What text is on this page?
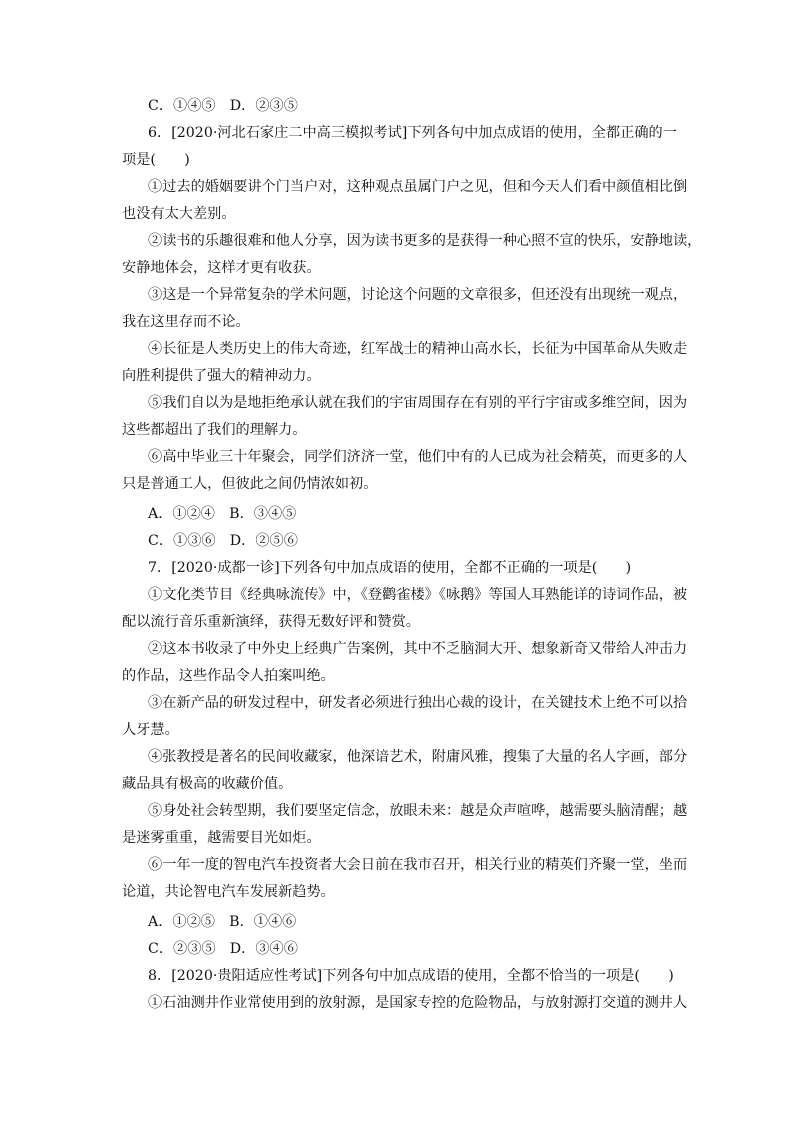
C．①④⑤　D．②③⑤
6．[2020·河北石家庄二中高三模拟考试]下列各句中加点成语的使用，全都正确的一
项是(　　)
①过去的婚姻要讲个门当户对，这种观点虽属门户之见，但和今天人们看中颜值相比倒
也没有太大差别。
②读书的乐趣很难和他人分享，因为读书更多的是获得一种心照不宣的快乐，安静地读，
安静地体会，这样才更有收获。
③这是一个异常复杂的学术问题，讨论这个问题的文章很多，但还没有出现统一观点，
我在这里存而不论。
④长征是人类历史上的伟大奇迹，红军战士的精神山高水长，长征为中国革命从失败走
向胜利提供了强大的精神动力。
⑤我们自以为是地拒绝承认就在我们的宇宙周围存在有别的平行宇宙或多维空间，因为
这些都超出了我们的理解力。
⑥高中毕业三十年聚会，同学们济济一堂，他们中有的人已成为社会精英，而更多的人
只是普通工人，但彼此之间仍情浓如初。
A．①②④　B．③④⑤
C．①③⑥　D．②⑤⑥
7．[2020·成都一诊]下列各句中加点成语的使用，全都不正确的一项是(　　)
①文化类节目《经典咏流传》中，《登鹳雀楼》《咏鹅》等国人耳熟能详的诗词作品，被
配以流行音乐重新演绎，获得无数好评和赞赏。
②这本书收录了中外史上经典广告案例，其中不乏脑洞大开、想象新奇又带给人冲击力
的作品，这些作品令人拍案叫绝。
③在新产品的研发过程中，研发者必须进行独出心裁的设计，在关键技术上绝不可以拾
人牙慧。
④张教授是著名的民间收藏家，他深谙艺术，附庸风雅，搜集了大量的名人字画，部分
藏品具有极高的收藏价值。
⑤身处社会转型期，我们要坚定信念，放眼未来：越是众声喧哗，越需要头脑清醒；越
是迷雾重重，越需要目光如炬。
⑥一年一度的智电汽车投资者大会日前在我市召开，相关行业的精英们齐聚一堂，坐而
论道，共论智电汽车发展新趋势。
A．①②⑤　B．①④⑥
C．②③⑤　D．③④⑥
8．[2020·贵阳适应性考试]下列各句中加点成语的使用，全都不恰当的一项是(　　)
①石油测井作业常使用到的放射源，是国家专控的危险物品，与放射源打交道的测井人
